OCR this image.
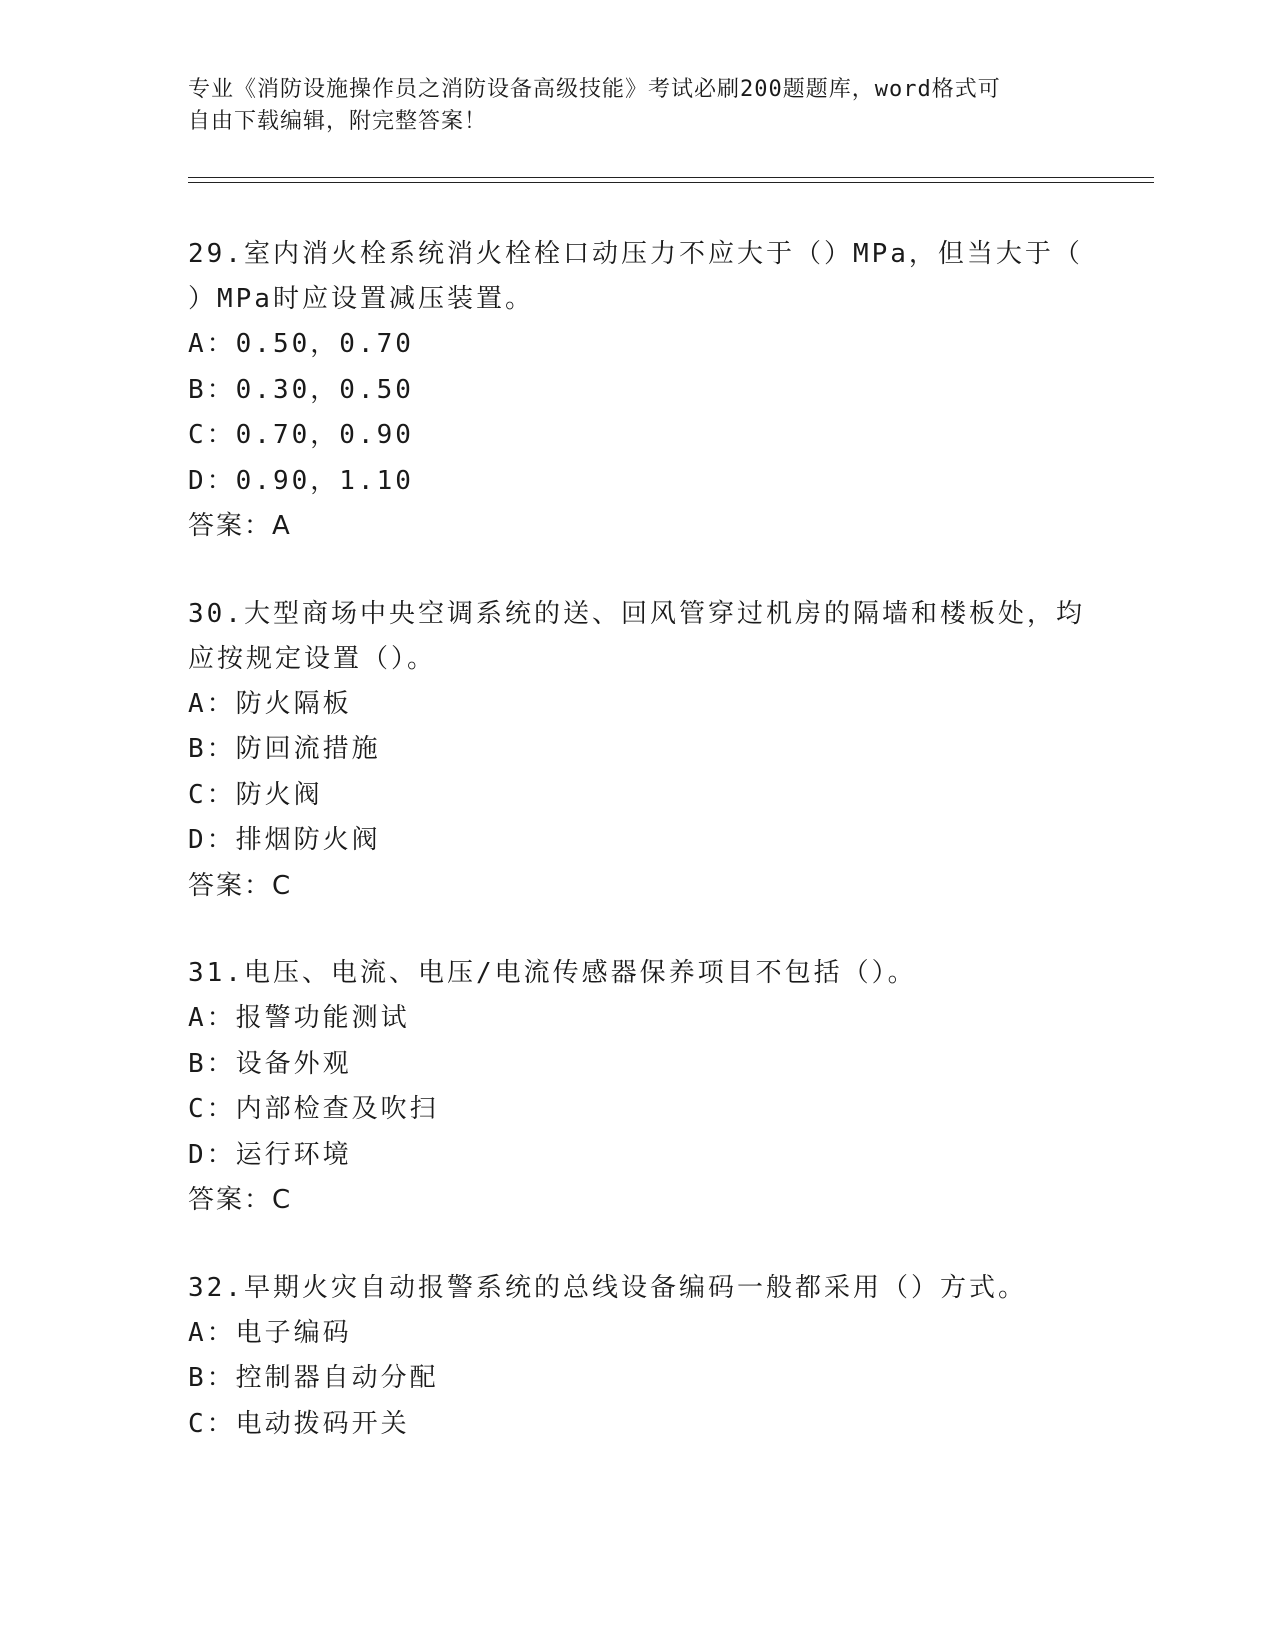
专业《消防设施操作员之消防设备高级技能》考试必刷200题题库，word格式可
自由下载编辑，附完整答案！
29.室内消火栓系统消火栓栓口动压力不应大于（）MPa，但当大于（
）MPa时应设置减压装置。
A：0.50，0.70
B：0.30，0.50
C：0.70，0.90
D：0.90，1.10
答案：A
30.大型商场中央空调系统的送、回风管穿过机房的隔墙和楼板处，均
应按规定设置（）。
A：防火隔板
B：防回流措施
C：防火阀
D：排烟防火阀
答案：C
31.电压、电流、电压/电流传感器保养项目不包括（）。
A：报警功能测试
B：设备外观
C：内部检查及吹扫
D：运行环境
答案：C
32.早期火灾自动报警系统的总线设备编码一般都采用（）方式。
A：电子编码
B：控制器自动分配
C：电动拨码开关
